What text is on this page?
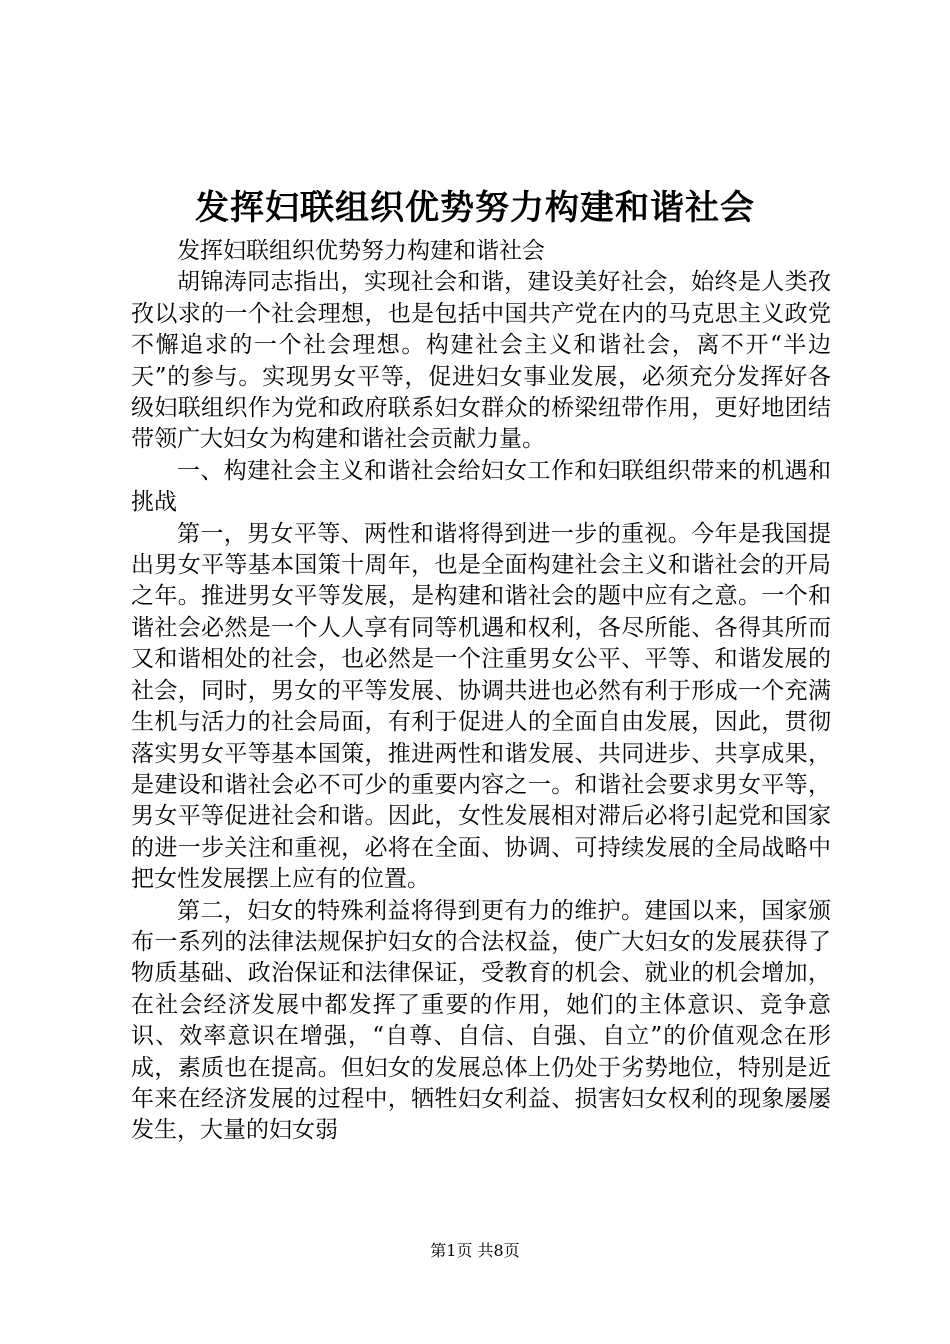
发挥妇联组织优势努力构建和谐社会

发挥妇联组织优势努力构建和谐社会

胡锦涛同志指出，实现社会和谐，建设美好社会，始终是人类孜孜以求的一个社会理想，也是包括中国共产党在内的马克思主义政党不懈追求的一个社会理想。构建社会主义和谐社会，离不开“半边天”的参与。实现男女平等，促进妇女事业发展，必须充分发挥好各级妇联组织作为党和政府联系妇女群众的桥梁纽带作用，更好地团结带领广大妇女为构建和谐社会贡献力量。

一、构建社会主义和谐社会给妇女工作和妇联组织带来的机遇和挑战

第一，男女平等、两性和谐将得到进一步的重视。今年是我国提出男女平等基本国策十周年，也是全面构建社会主义和谐社会的开局之年。推进男女平等发展，是构建和谐社会的题中应有之意。一个和谐社会必然是一个人人享有同等机遇和权利，各尽所能、各得其所而又和谐相处的社会，也必然是一个注重男女公平、平等、和谐发展的社会，同时，男女的平等发展、协调共进也必然有利于形成一个充满生机与活力的社会局面，有利于促进人的全面自由发展，因此，贯彻落实男女平等基本国策，推进两性和谐发展、共同进步、共享成果，是建设和谐社会必不可少的重要内容之一。和谐社会要求男女平等，男女平等促进社会和谐。因此，女性发展相对滞后必将引起党和国家的进一步关注和重视，必将在全面、协调、可持续发展的全局战略中把女性发展摆上应有的位置。

第二，妇女的特殊利益将得到更有力的维护。建国以来，国家颁布一系列的法律法规保护妇女的合法权益，使广大妇女的发展获得了物质基础、政治保证和法律保证，受教育的机会、就业的机会增加，在社会经济发展中都发挥了重要的作用，她们的主体意识、竞争意识、效率意识在增强，“自尊、自信、自强、自立”的价值观念在形成，素质也在提高。但妇女的发展总体上仍处于劣势地位，特别是近年来在经济发展的过程中，牺牲妇女利益、损害妇女权利的现象屡屡发生，大量的妇女弱

第1页 共8页
